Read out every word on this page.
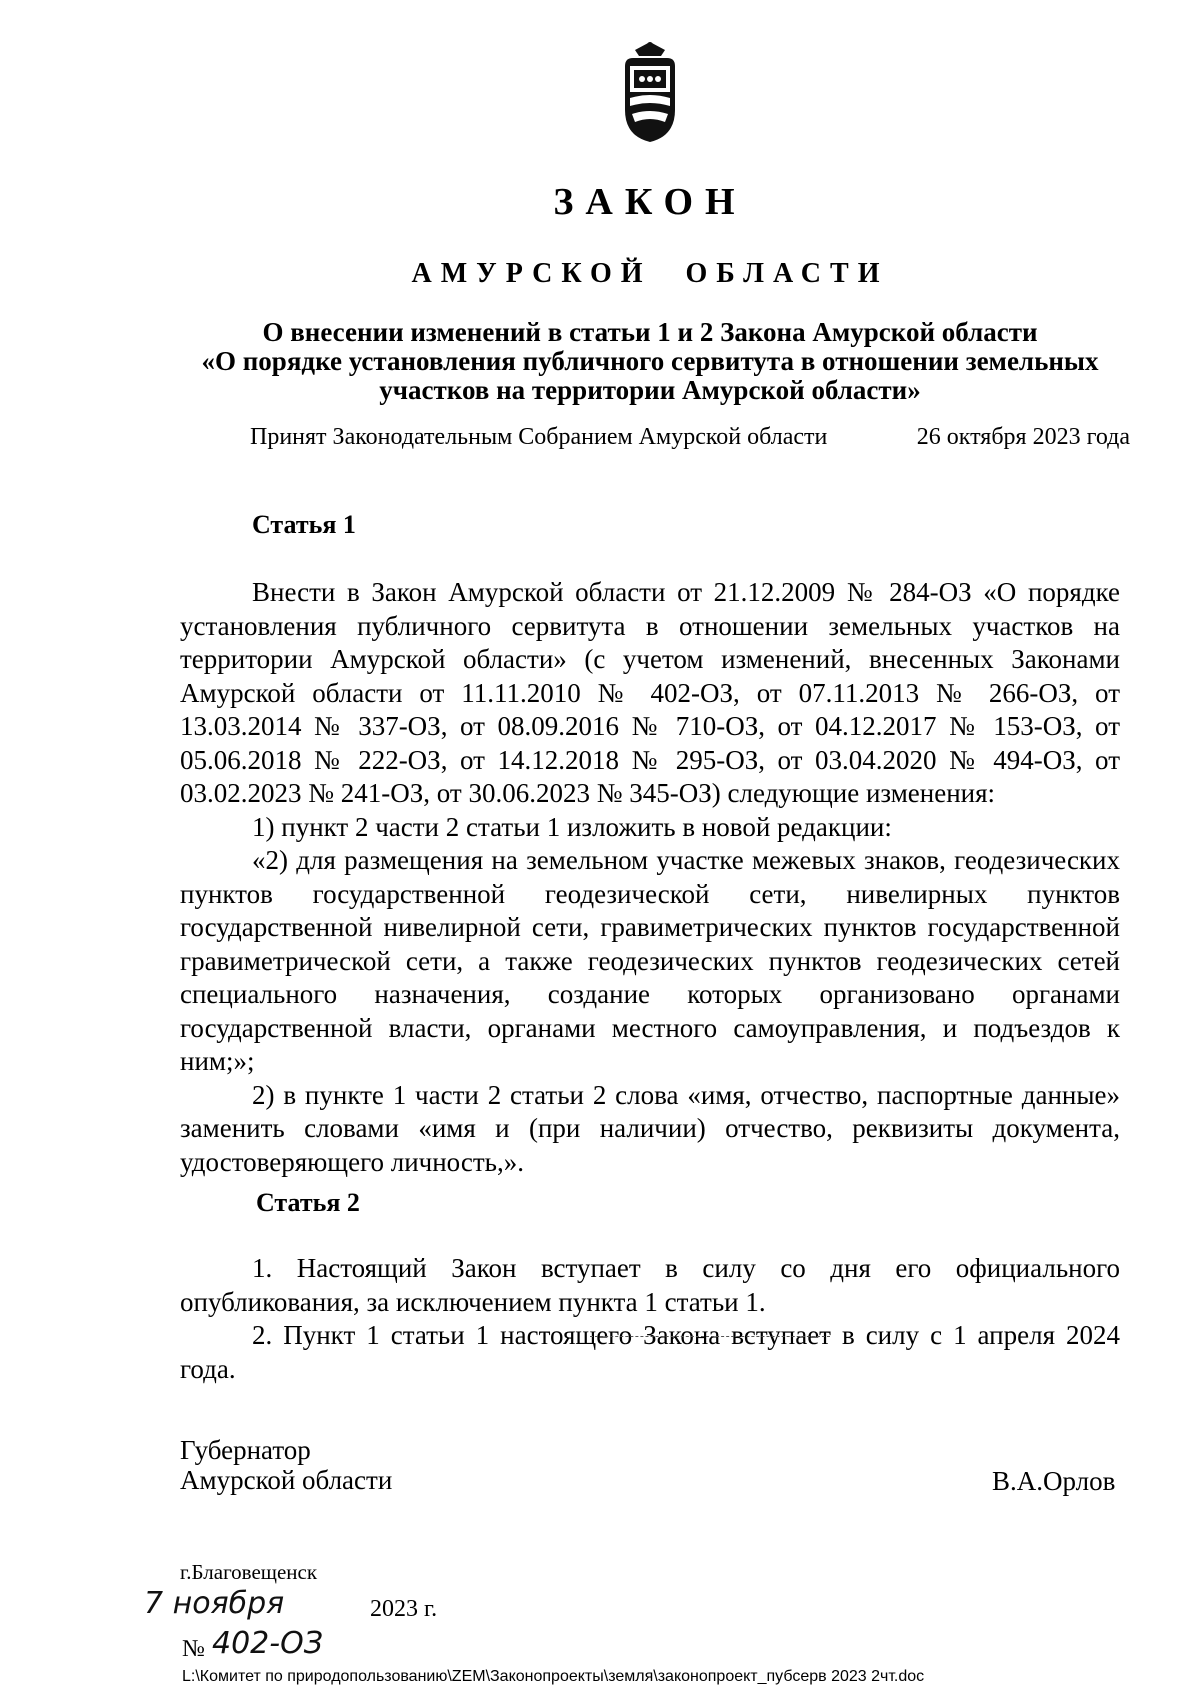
ЗАКОН
АМУРСКОЙ ОБЛАСТИ
О внесении изменений в статьи 1 и 2 Закона Амурской области
«О порядке установления публичного сервитута в отношении земельных
участков на территории Амурской области»
Принят Законодательным Собранием Амурской области	26 октября 2023 года
Статья 1

Внести в Закон Амурской области от 21.12.2009 № 284-ОЗ «О порядке установления публичного сервитута в отношении земельных участков на территории Амурской области» (с учетом изменений, внесенных Законами Амурской области от 11.11.2010 № 402-ОЗ, от 07.11.2013 № 266-ОЗ, от 13.03.2014 № 337-ОЗ, от 08.09.2016 № 710-ОЗ, от 04.12.2017 № 153-ОЗ, от 05.06.2018 № 222-ОЗ, от 14.12.2018 № 295-ОЗ, от 03.04.2020 № 494-ОЗ, от 03.02.2023 № 241-ОЗ, от 30.06.2023 № 345-ОЗ) следующие изменения:

1) пункт 2 части 2 статьи 1 изложить в новой редакции:

«2) для размещения на земельном участке межевых знаков, геодезических пунктов государственной геодезической сети, нивелирных пунктов государственной нивелирной сети, гравиметрических пунктов государственной гравиметрической сети, а также геодезических пунктов геодезических сетей специального назначения, создание которых организовано органами государственной власти, органами местного самоуправления, и подъездов к ним;»;

2) в пункте 1 части 2 статьи 2 слова «имя, отчество, паспортные данные» заменить словами «имя и (при наличии) отчество, реквизиты документа, удостоверяющего личность,».

Статья 2

1. Настоящий Закон вступает в силу со дня его официального опубликования, за исключением пункта 1 статьи 1.

2. Пункт 1 статьи 1 настоящего Закона вступает в силу с 1 апреля 2024 года.

Губернатор
Амурской области	В.А.Орлов
г.Благовещенск
7 ноября	2023 г.
№ 402-ОЗ
L:\Комитет по природопользованию\ZEM\Законопроекты\земля\законопроект_пубсерв 2023 2чт.doc
